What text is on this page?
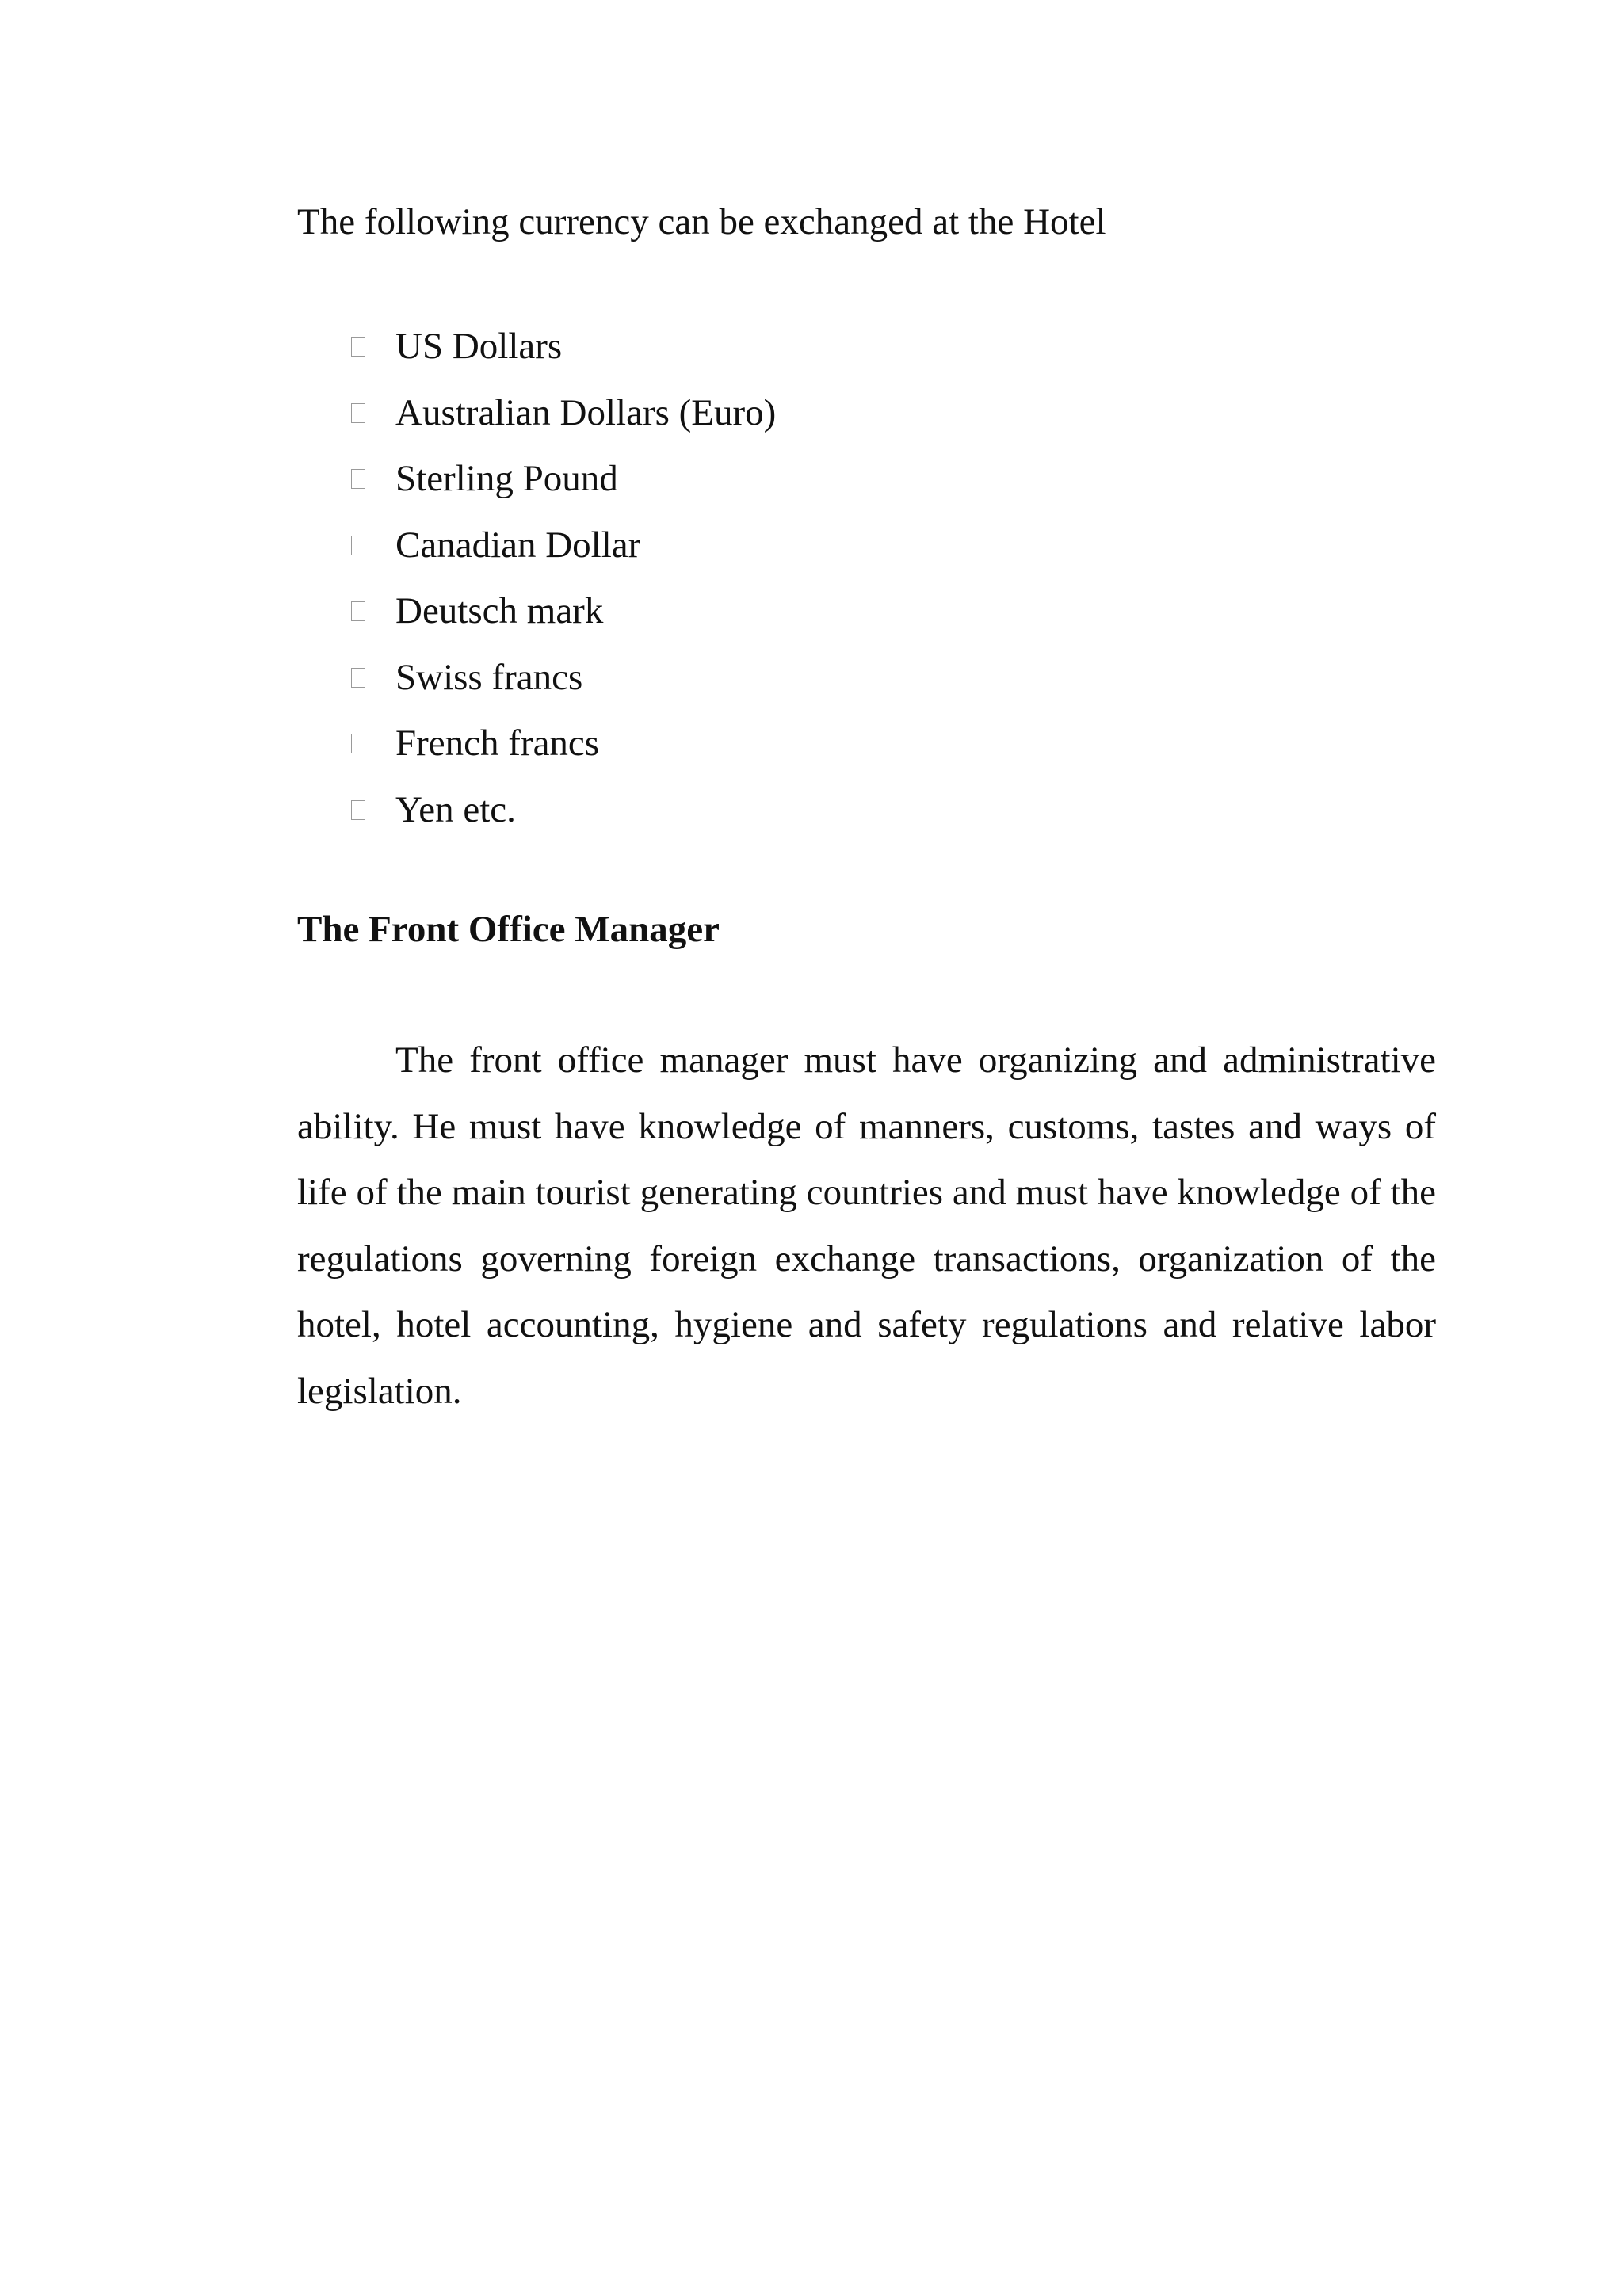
The following currency can be exchanged at the Hotel

US Dollars
Australian Dollars (Euro)
Sterling Pound
Canadian Dollar
Deutsch mark
Swiss francs
French francs
Yen etc.
The Front Office Manager

The front office manager must have organizing and administrative ability. He must have knowledge of manners, customs, tastes and ways of life of the main tourist generating countries and must have knowledge of the regulations governing foreign exchange transactions, organization of the hotel, hotel accounting, hygiene and safety regulations and relative labor legislation.
